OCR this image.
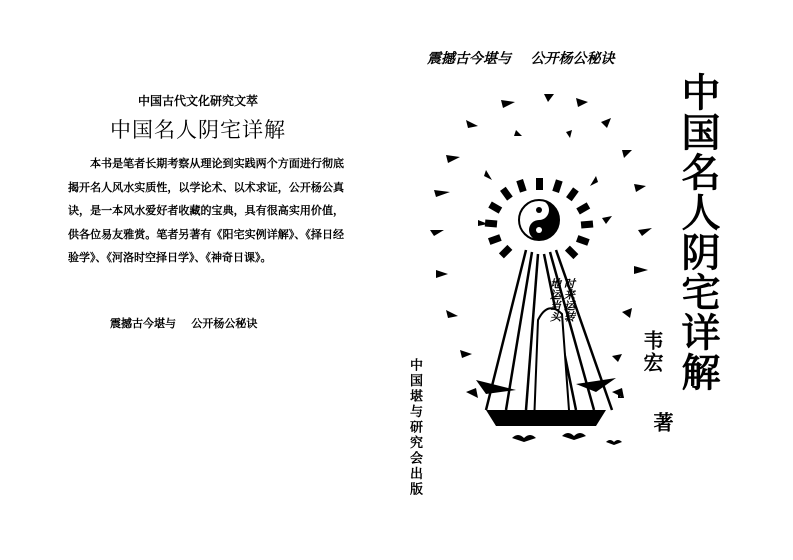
中国古代文化研究文萃
中国名人阴宅详解

本书是笔者长期考察从理论到实践两个方面进行彻底揭开名人风水实质性，以学论术、以术求证，公开杨公真诀，是一本风水爱好者收藏的宝典，具有很高实用价值，供各位易友雅赏。笔者另著有《阳宅实例详解》、《择日经验学》、《河洛时空择日学》、《神奇日课》。

震撼古今堪与    公开杨公秘诀
震撼古今堪与    公开杨公秘诀
时来运转
地运当头
L
中国名人阴宅详解
韦宏
著
中国堪与研究会出版
